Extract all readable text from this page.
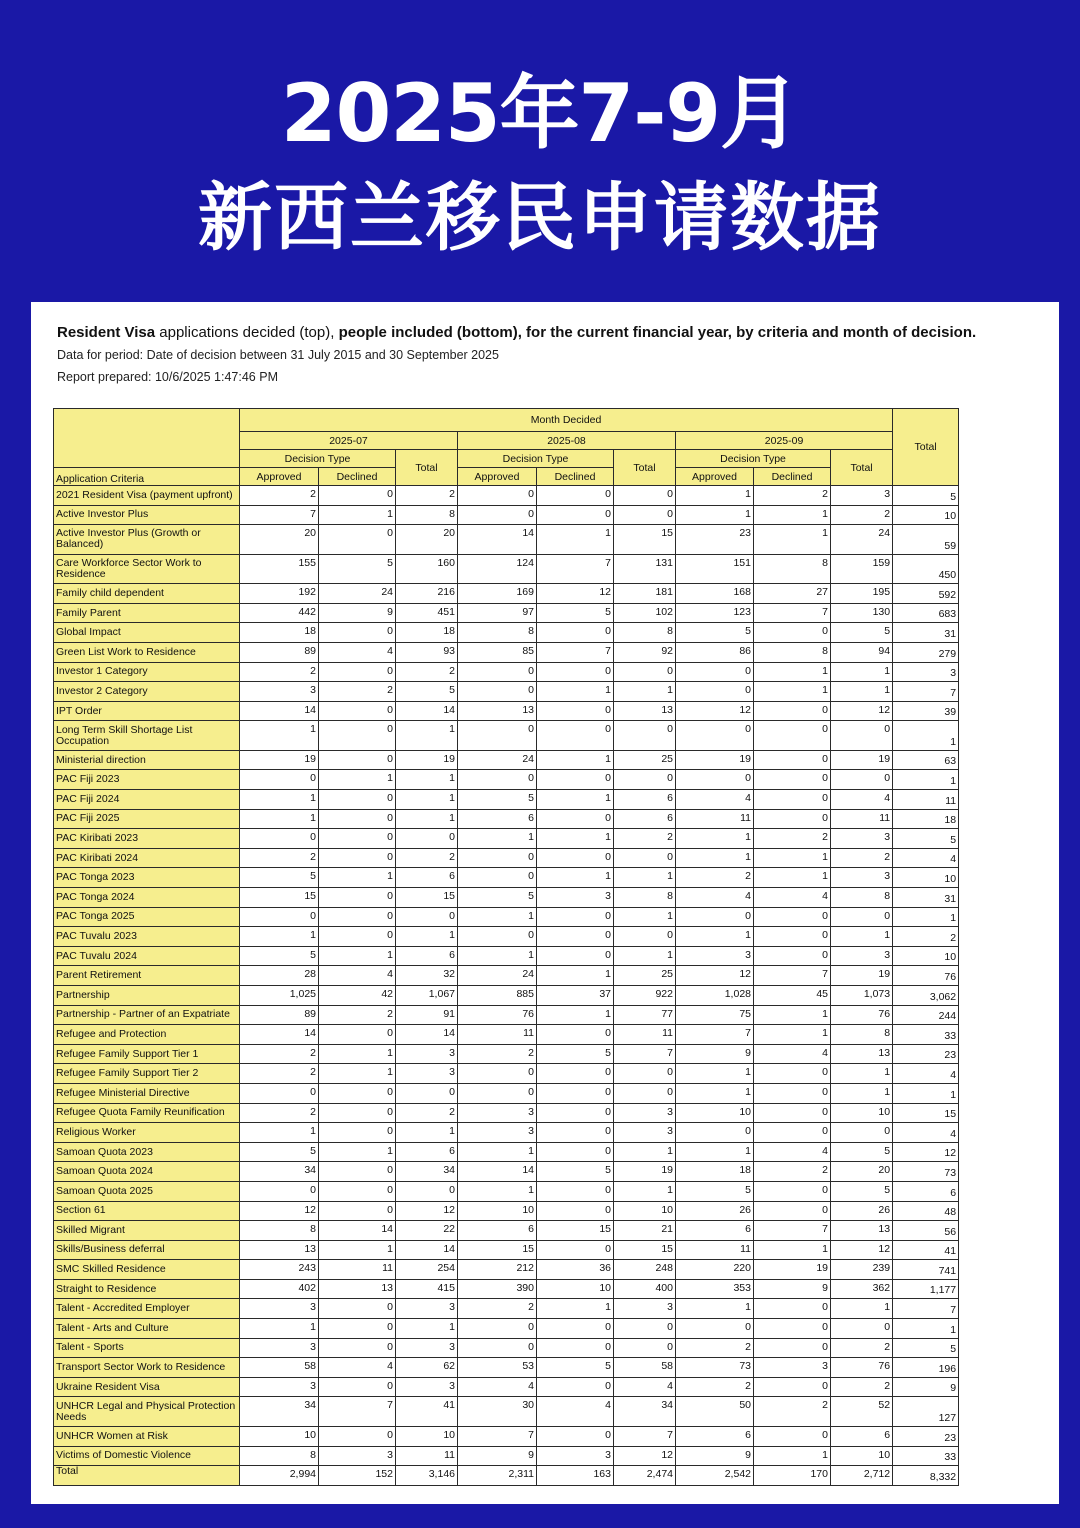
2025年7-9月
新西兰移民申请数据
Resident Visa applications decided (top), people included (bottom), for the current financial year, by criteria and month of decision.
Data for period: Date of decision between 31 July 2015 and 30 September 2025
Report prepared: 10/6/2025 1:47:46 PM
	Month Decided									Total
	2025-07			2025-08			2025-09			
	Decision Type		Total	Decision Type		Total	Decision Type		Total	
Application Criteria	Approved	Declined		Approved	Declined		Approved	Declined		
2021 Resident Visa (payment upfront)	2	0	2	0	0	0	1	2	3	5
Active Investor Plus	7	1	8	0	0	0	1	1	2	10
Active Investor Plus (Growth or Balanced)	20	0	20	14	1	15	23	1	24	59
Care Workforce Sector Work to Residence	155	5	160	124	7	131	151	8	159	450
Family child dependent	192	24	216	169	12	181	168	27	195	592
Family Parent	442	9	451	97	5	102	123	7	130	683
Global Impact	18	0	18	8	0	8	5	0	5	31
Green List Work to Residence	89	4	93	85	7	92	86	8	94	279
Investor 1 Category	2	0	2	0	0	0	0	1	1	3
Investor 2 Category	3	2	5	0	1	1	0	1	1	7
IPT Order	14	0	14	13	0	13	12	0	12	39
Long Term Skill Shortage List Occupation	1	0	1	0	0	0	0	0	0	1
Ministerial direction	19	0	19	24	1	25	19	0	19	63
PAC Fiji 2023	0	1	1	0	0	0	0	0	0	1
PAC Fiji 2024	1	0	1	5	1	6	4	0	4	11
PAC Fiji 2025	1	0	1	6	0	6	11	0	11	18
PAC Kiribati 2023	0	0	0	1	1	2	1	2	3	5
PAC Kiribati 2024	2	0	2	0	0	0	1	1	2	4
PAC Tonga 2023	5	1	6	0	1	1	2	1	3	10
PAC Tonga 2024	15	0	15	5	3	8	4	4	8	31
PAC Tonga 2025	0	0	0	1	0	1	0	0	0	1
PAC Tuvalu 2023	1	0	1	0	0	0	1	0	1	2
PAC Tuvalu 2024	5	1	6	1	0	1	3	0	3	10
Parent Retirement	28	4	32	24	1	25	12	7	19	76
Partnership	1,025	42	1,067	885	37	922	1,028	45	1,073	3,062
Partnership - Partner of an Expatriate	89	2	91	76	1	77	75	1	76	244
Refugee and Protection	14	0	14	11	0	11	7	1	8	33
Refugee Family Support Tier 1	2	1	3	2	5	7	9	4	13	23
Refugee Family Support Tier 2	2	1	3	0	0	0	1	0	1	4
Refugee Ministerial Directive	0	0	0	0	0	0	1	0	1	1
Refugee Quota Family Reunification	2	0	2	3	0	3	10	0	10	15
Religious Worker	1	0	1	3	0	3	0	0	0	4
Samoan Quota 2023	5	1	6	1	0	1	1	4	5	12
Samoan Quota 2024	34	0	34	14	5	19	18	2	20	73
Samoan Quota 2025	0	0	0	1	0	1	5	0	5	6
Section 61	12	0	12	10	0	10	26	0	26	48
Skilled Migrant	8	14	22	6	15	21	6	7	13	56
Skills/Business deferral	13	1	14	15	0	15	11	1	12	41
SMC Skilled Residence	243	11	254	212	36	248	220	19	239	741
Straight to Residence	402	13	415	390	10	400	353	9	362	1,177
Talent - Accredited Employer	3	0	3	2	1	3	1	0	1	7
Talent - Arts and Culture	1	0	1	0	0	0	0	0	0	1
Talent - Sports	3	0	3	0	0	0	2	0	2	5
Transport Sector Work to Residence	58	4	62	53	5	58	73	3	76	196
Ukraine Resident Visa	3	0	3	4	0	4	2	0	2	9
UNHCR Legal and Physical Protection Needs	34	7	41	30	4	34	50	2	52	127
UNHCR Women at Risk	10	0	10	7	0	7	6	0	6	23
Victims of Domestic Violence	8	3	11	9	3	12	9	1	10	33
Total	2,994	152	3,146	2,311	163	2,474	2,542	170	2,712	8,332
